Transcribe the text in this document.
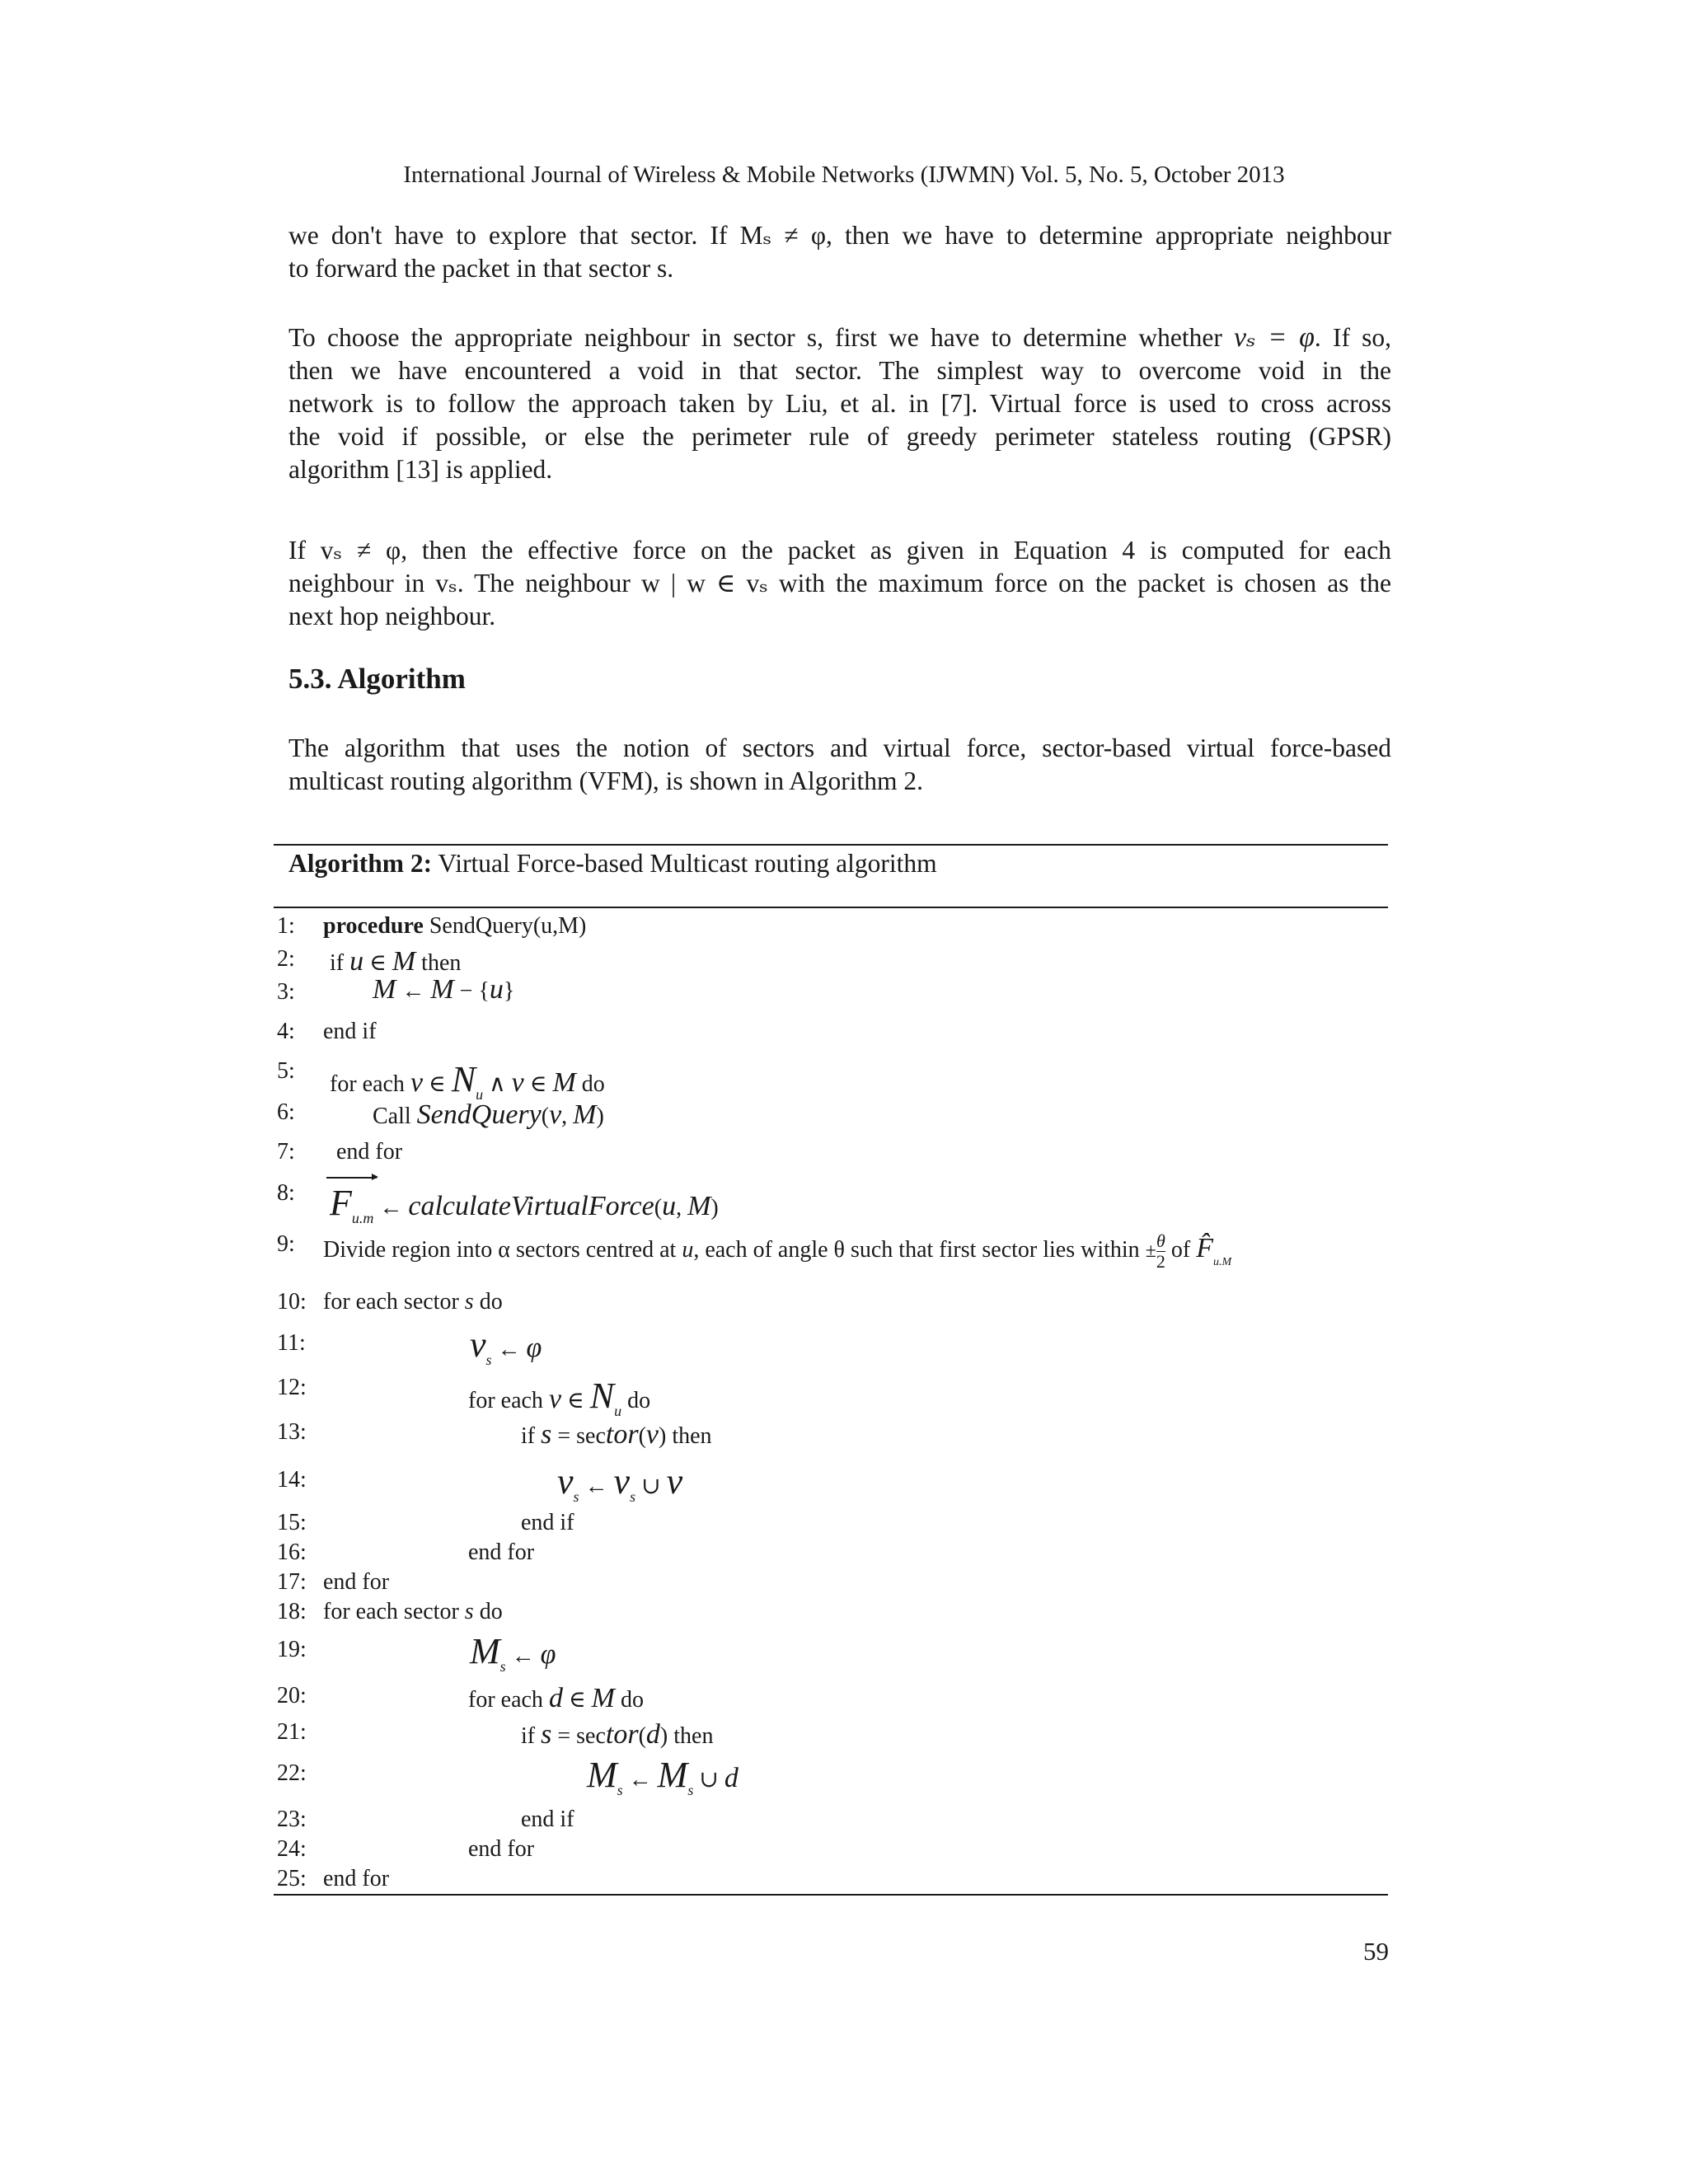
International Journal of Wireless & Mobile Networks (IJWMN) Vol. 5, No. 5, October 2013
we don't have to explore that sector. If Mₛ ≠ φ, then we have to determine appropriate neighbour
to forward the packet in that sector s.
To choose the appropriate neighbour in sector s, first we have to determine whether vₛ = φ. If so,
then we have encountered a void in that sector. The simplest way to overcome void in the
network is to follow the approach taken by Liu, et al. in [7]. Virtual force is used to cross across
the void if possible, or else the perimeter rule of greedy perimeter stateless routing (GPSR)
algorithm [13] is applied.
If vₛ ≠ φ, then the effective force on the packet as given in Equation 4 is computed for each
neighbour in vₛ. The neighbour w | w ∈ vₛ with the maximum force on the packet is chosen as the
next hop neighbour.
5.3. Algorithm
The algorithm that uses the notion of sectors and virtual force, sector-based virtual force-based
multicast routing algorithm (VFM), is shown in Algorithm 2.
Algorithm 2: Virtual Force-based Multicast routing algorithm
1: procedure SendQuery(u,M)
2: if u ∈ M then
3:	M ← M − {u}
4: end if
5:
for each v ∈ $N_u$ ∧ v ∈ M do
6:	Call SendQuery(v, M)
7: end for
8: $F_{u.m}$ ← calculateVirtualForce(u, M)
9: Divide region into α sectors centred at u, each of angle θ such that first sector lies within ± $\frac{\theta}{2}$ of $F̂_{u.M}$
10: for each sector s do
11:	$v_s$ ← φ
12:
for each v ∈ $N_u$ do
13:	if s = sector(v) then
14:	$v_s$ ← $v_s$ ∪ v
15:	end if
16:	end for
17: end for
18: for each sector s do
19:	$M_s$ ← φ
20:	for each d ∈ M do
21:	if s = sector(d) then
22:	$M_s$ ← $M_s$ ∪ d
23:	end if
24:	end for
25: end for
59
